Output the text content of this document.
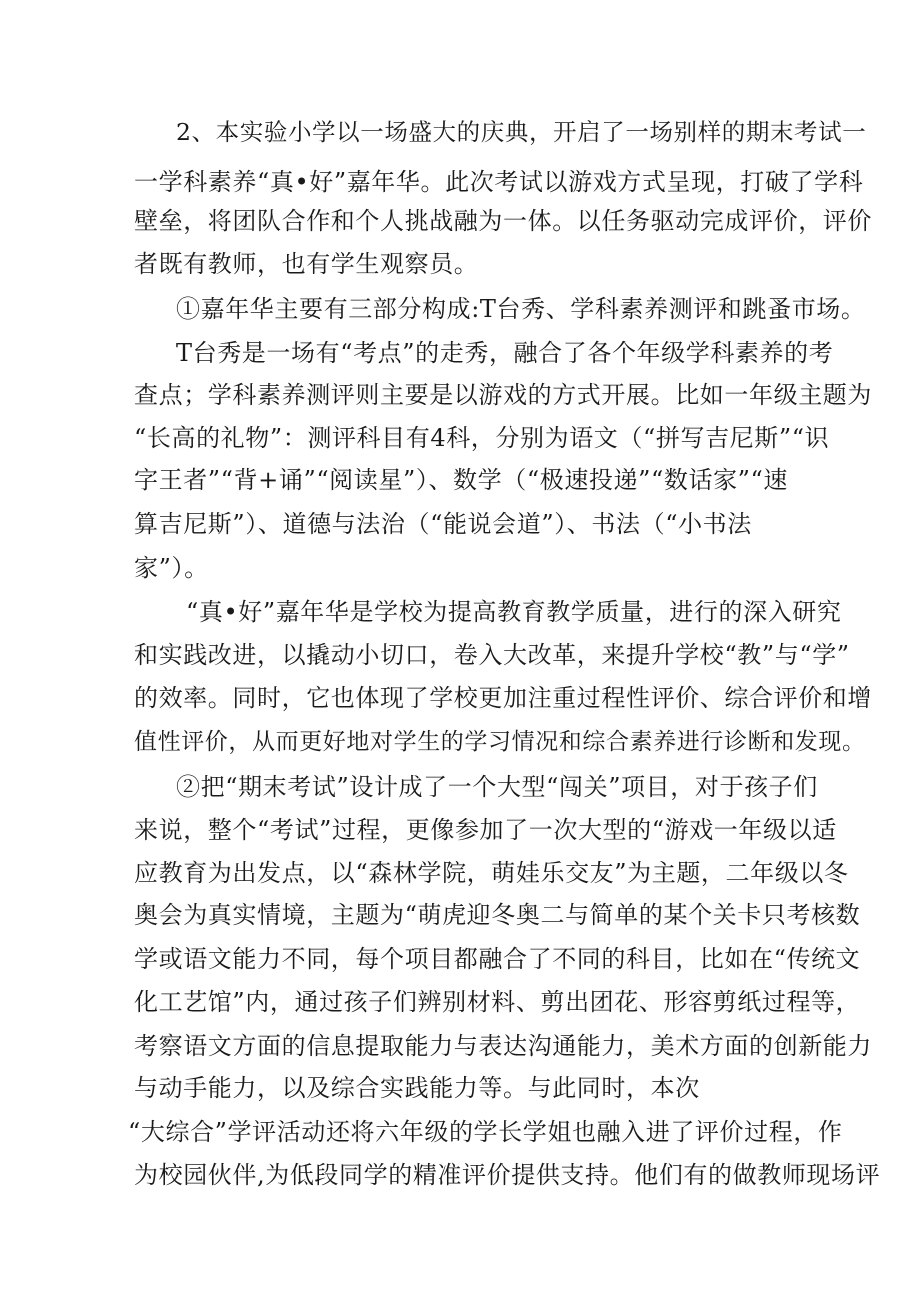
2、本实验小学以一场盛大的庆典，开启了一场别样的期末考试一

一学科素养“真•好”嘉年华。此次考试以游戏方式呈现，打破了学科

壁垒，将团队合作和个人挑战融为一体。以任务驱动完成评价，评价

者既有教师，也有学生观察员。

①嘉年华主要有三部分构成:T台秀、学科素养测评和跳蚤市场。

T台秀是一场有“考点”的走秀，融合了各个年级学科素养的考

查点；学科素养测评则主要是以游戏的方式开展。比如一年级主题为

“长高的礼物”：测评科目有4科，分别为语文（“拼写吉尼斯”“识

字王者”“背+诵”“阅读星”）、数学（“极速投递”“数话家”“速

算吉尼斯”）、道德与法治（“能说会道”）、书法（“小书法

家”）。

“真•好”嘉年华是学校为提高教育教学质量，进行的深入研究

和实践改进，以撬动小切口，卷入大改革，来提升学校“教”与“学”

的效率。同时，它也体现了学校更加注重过程性评价、综合评价和增

值性评价，从而更好地对学生的学习情况和综合素养进行诊断和发现。

②把“期末考试”设计成了一个大型“闯关”项目，对于孩子们

来说，整个“考试”过程，更像参加了一次大型的“游戏一年级以适

应教育为出发点，以“森林学院，萌娃乐交友”为主题，二年级以冬

奥会为真实情境，主题为“萌虎迎冬奥二与简单的某个关卡只考核数

学或语文能力不同，每个项目都融合了不同的科目，比如在“传统文

化工艺馆”内，通过孩子们辨别材料、剪出团花、形容剪纸过程等，

考察语文方面的信息提取能力与表达沟通能力，美术方面的创新能力

与动手能力，以及综合实践能力等。与此同时，本次

“大综合”学评活动还将六年级的学长学姐也融入进了评价过程，作

为校园伙伴,为低段同学的精准评价提供支持。他们有的做教师现场评
